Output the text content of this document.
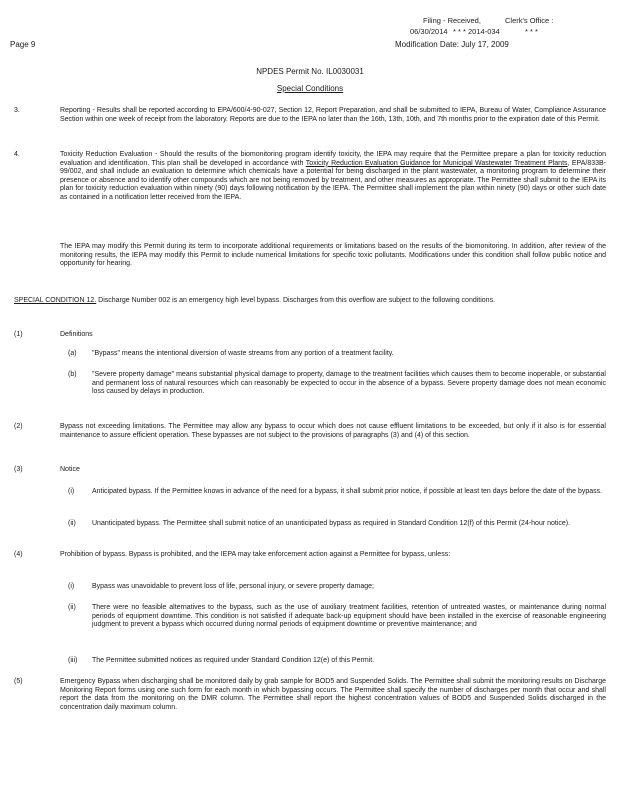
Filing - Received,	Clerk's Office :
06/30/2014 * * * 2014-034	* * *
Page 9	Modification Date: July 17, 2009
NPDES Permit No. IL0030031
Special Conditions
3.	Reporting - Results shall be reported according to EPA/600/4-90-027, Section 12, Report Preparation, and shall be submitted to IEPA, Bureau of Water, Compliance Assurance Section within one week of receipt from the laboratory. Reports are due to the IEPA no later than the 16th, 13th, 10th, and 7th months prior to the expiration date of this Permit.
4.	Toxicity Reduction Evaluation - Should the results of the biomonitoring program identify toxicity, the IEPA may require that the Permittee prepare a plan for toxicity reduction evaluation and identification. This plan shall be developed in accordance with Toxicity Reduction Evaluation Guidance for Municipal Wastewater Treatment Plants, EPA/833B-99/002, and shall include an evaluation to determine which chemicals have a potential for being discharged in the plant wastewater, a monitoring program to determine their presence or absence and to identify other compounds which are not being removed by treatment, and other measures as appropriate. The Permittee shall submit to the IEPA its plan for toxicity reduction evaluation within ninety (90) days following notification by the IEPA. The Permittee shall implement the plan within ninety (90) days or other such date as contained in a notification letter received from the IEPA.
The IEPA may modify this Permit during its term to incorporate additional requirements or limitations based on the results of the biomonitoring. In addition, after review of the monitoring results, the IEPA may modify this Permit to include numerical limitations for specific toxic pollutants. Modifications under this condition shall follow public notice and opportunity for hearing.
SPECIAL CONDITION 12. Discharge Number 002 is an emergency high level bypass. Discharges from this overflow are subject to the following conditions.
(1)	Definitions
(a) "Bypass" means the intentional diversion of waste streams from any portion of a treatment facility.
(b) "Severe property damage" means substantial physical damage to property, damage to the treatment facilities which causes them to become inoperable, or substantial and permanent loss of natural resources which can reasonably be expected to occur in the absence of a bypass. Severe property damage does not mean economic loss caused by delays in production.
(2)	Bypass not exceeding limitations. The Permittee may allow any bypass to occur which does not cause effluent limitations to be exceeded, but only if it also is for essential maintenance to assure efficient operation. These bypasses are not subject to the provisions of paragraphs (3) and (4) of this section.
(3)	Notice
(i)	Anticipated bypass. If the Permittee knows in advance of the need for a bypass, it shall submit prior notice, if possible at least ten days before the date of the bypass.
(ii) Unanticipated bypass. The Permittee shall submit notice of an unanticipated bypass as required in Standard Condition 12(f) of this Permit (24-hour notice).
(4)	Prohibition of bypass. Bypass is prohibited, and the IEPA may take enforcement action against a Permittee for bypass, unless:
(i)	Bypass was unavoidable to prevent loss of life, personal injury, or severe property damage;
(ii) There were no feasible alternatives to the bypass, such as the use of auxiliary treatment facilities, retention of untreated wastes, or maintenance during normal periods of equipment downtime. This condition is not satisfied if adequate back-up equipment should have been installed in the exercise of reasonable engineering judgment to prevent a bypass which occurred during normal periods of equipment downtime or preventive maintenance; and
(iii) The Permittee submitted notices as required under Standard Condition 12(e) of this Permit.
(5)	Emergency Bypass when discharging shall be monitored daily by grab sample for BOD5 and Suspended Solids. The Permittee shall submit the monitoring results on Discharge Monitoring Report forms using one such form for each month in which bypassing occurs. The Permittee shall specify the number of discharges per month that occur and shall report the data from the monitoring on the DMR column. The Permittee shall report the highest concentration values of BOD5 and Suspended Solids discharged in the concentration daily maximum column.
